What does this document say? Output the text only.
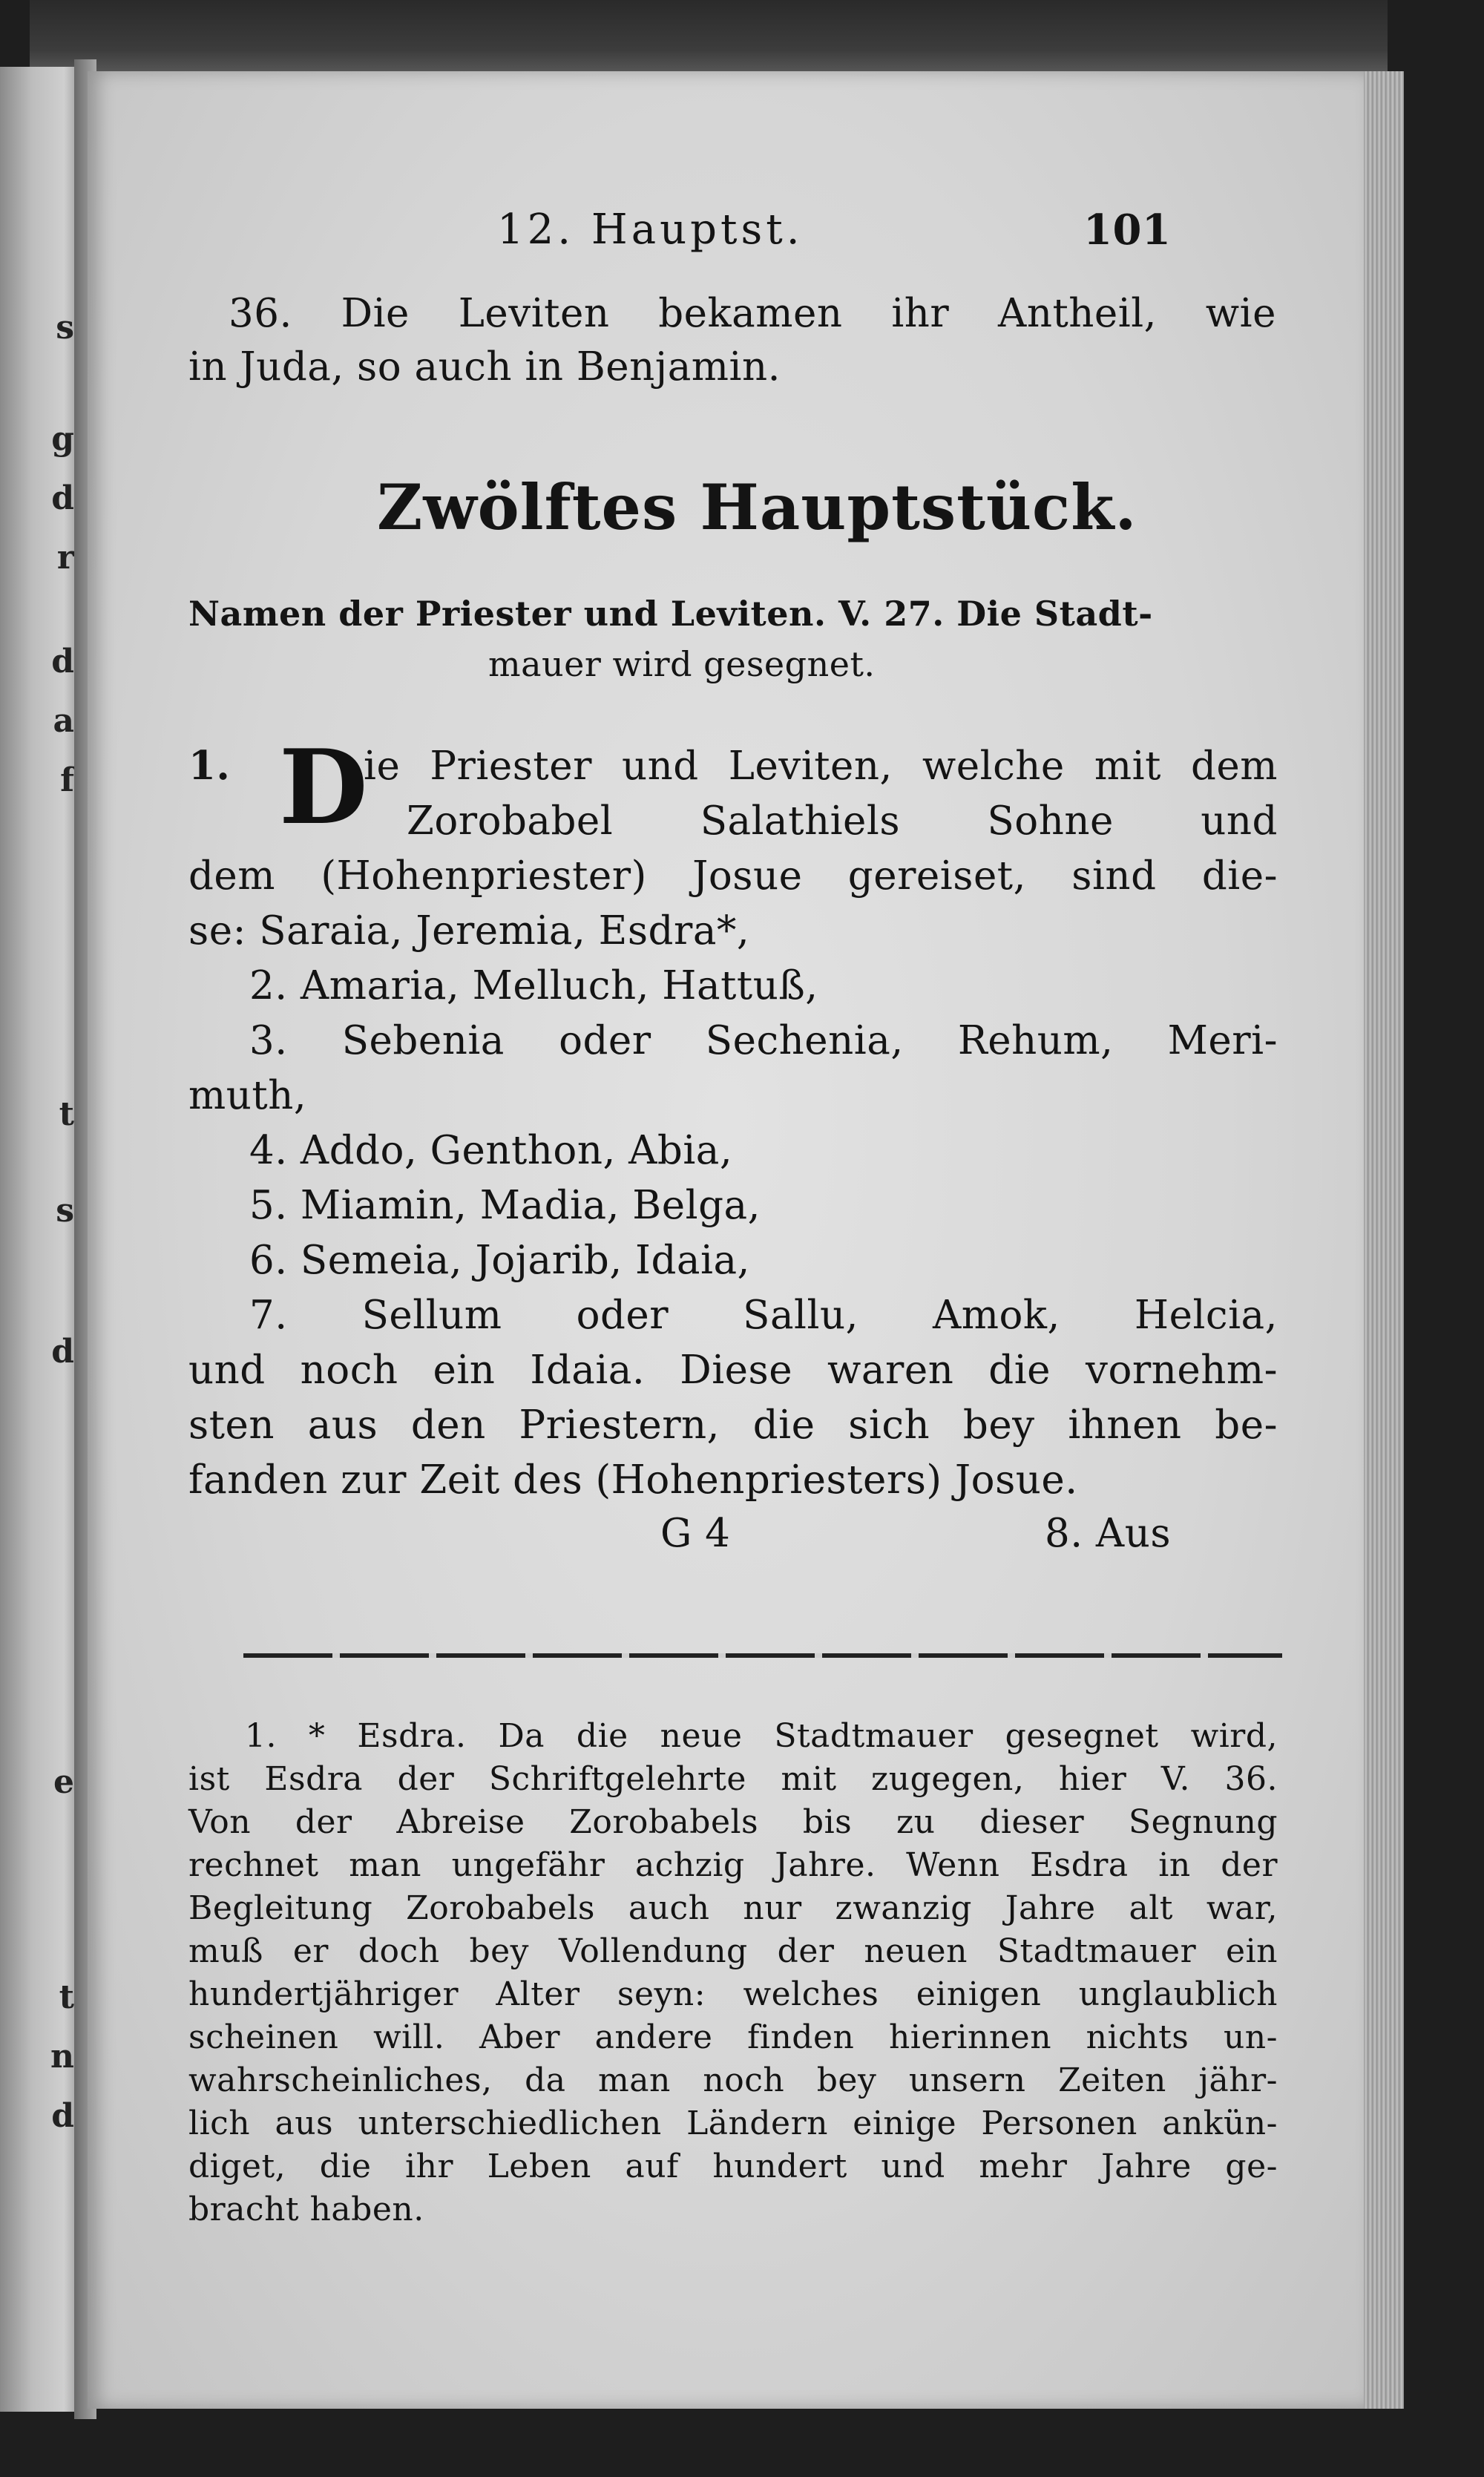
s
g
d
r
d
a
f
t
s
d
e
t
n
d
12. Hauptst.	101
36. Die Leviten bekamen ihr Antheil, wie
in Juda, so auch in Benjamin.
Zwölftes Hauptstück.
Namen der Priester und Leviten. V. 27. Die Stadt-
mauer wird gesegnet.
1. D
ie Priester und Leviten, welche mit dem
Zorobabel Salathiels Sohne und
dem (Hohenpriester) Josue gereiset, sind die-
se: Saraia, Jeremia, Esdra*,
2. Amaria, Melluch, Hattuß,
3. Sebenia oder Sechenia, Rehum, Meri-
muth,
4. Addo, Genthon, Abia,
5. Miamin, Madia, Belga,
6. Semeia, Jojarib, Idaia,
7. Sellum oder Sallu, Amok, Helcia,
und noch ein Idaia. Diese waren die vornehm-
sten aus den Priestern, die sich bey ihnen be-
fanden zur Zeit des (Hohenpriesters) Josue.
G 4	8. Aus
1. * Esdra. Da die neue Stadtmauer gesegnet wird,
ist Esdra der Schriftgelehrte mit zugegen, hier V. 36.
Von der Abreise Zorobabels bis zu dieser Segnung
rechnet man ungefähr achzig Jahre. Wenn Esdra in der
Begleitung Zorobabels auch nur zwanzig Jahre alt war,
muß er doch bey Vollendung der neuen Stadtmauer ein
hundertjähriger Alter seyn: welches einigen unglaublich
scheinen will. Aber andere finden hierinnen nichts un-
wahrscheinliches, da man noch bey unsern Zeiten jähr-
lich aus unterschiedlichen Ländern einige Personen ankün-
diget, die ihr Leben auf hundert und mehr Jahre ge-
bracht haben.
